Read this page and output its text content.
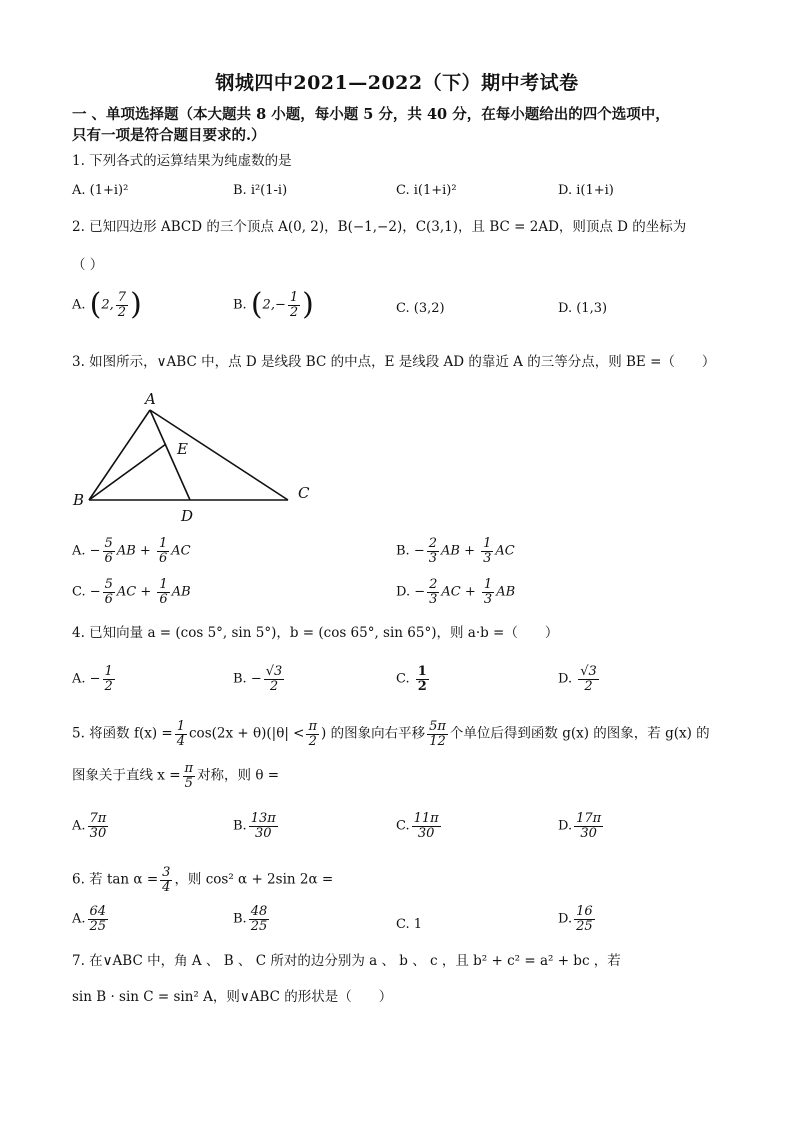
钢城四中2021—2022（下）期中考试卷
一 、单项选择题（本大题共 8 小题，每小题 5 分，共 40 分，在每小题给出的四个选项中，
只有一项是符合题目要求的.）
1. 下列各式的运算结果为纯虚数的是
A. (1+i)²	B. i²(1-i)	C. i(1+i)²	D. i(1+i)
2. 已知四边形 ABCD 的三个顶点 A(0, 2)，B(−1,−2)，C(3,1)，且 BC = 2AD，则顶点 D 的坐标为
（ ）
A. (2, $\frac{7}{2}$ )	B. ($2,- \frac{1}{2}$ )	C. (3,2)	D. (1,3)
3. 如图所示，∨ABC 中，点 D 是线段 BC 的中点，E 是线段 AD 的靠近 A 的三等分点，则 BE =（　　）
A
B	C
D
E
A. − $\frac{5}{6}$ AB + $\frac{1}{6}$ AC	B. − $\frac{2}{3}$ AB + $\frac{1}{3}$ AC
C. − $\frac{5}{6}$ AC + $\frac{1}{6}$ AB	D. − $\frac{2}{3}$ AC + $\frac{1}{3}$ AB
4. 已知向量 a = (cos 5°, sin 5°)，b = (cos 65°, sin 65°)，则 a·b =（　　）
A. − $\frac{1}{2}$	B. − $\frac{√3}{2}$	C. $\frac{1}{2}$	D. $\frac{√3}{2}$
5. 将函数 $f(x) = \frac{1}{4} \cos(2x + \theta)(|\theta| < \frac{\pi}{2}$ ) 的图象向右平移 $\frac{5\pi}{12}$ 个单位后得到函数 g(x) 的图象，若 g(x) 的
图象关于直线 $x = \frac{\pi}{5}$ 对称，则 θ =
A. $\frac{7\pi}{30}$	B. $\frac{13\pi}{30}$	C. $\frac{11\pi}{30}$	D. $\frac{17\pi}{30}$
6. 若 $\tan \alpha = \frac{3}{4}$ ，则 cos² α + 2sin 2α =
A. $\frac{64}{25}$	B. $\frac{48}{25}$	C. 1	D. $\frac{16}{25}$
7. 在∨ABC 中，角 A 、 B 、 C 所对的边分别为 a 、 b 、 c ，且 b² + c² = a² + bc ，若
sin B · sin C = sin² A，则∨ABC 的形状是（　　）
